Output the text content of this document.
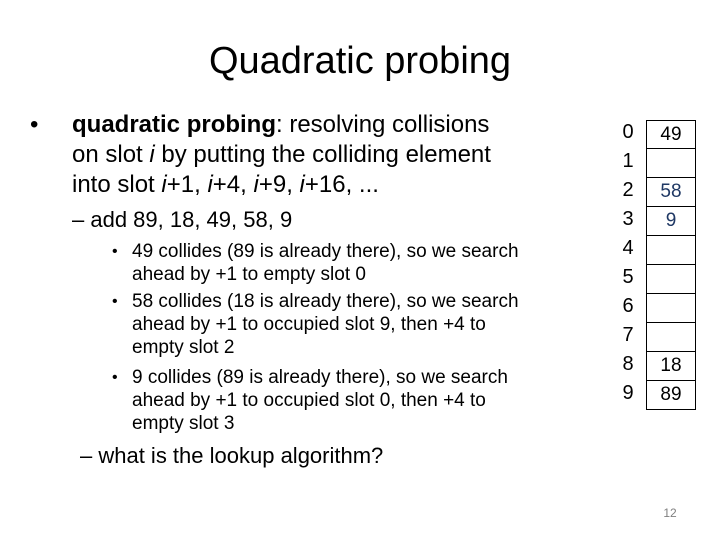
Quadratic probing
• quadratic probing: resolving collisions
on slot i by putting the colliding element
into slot i+1, i+4, i+9, i+16, ...
– add 89, 18, 49, 58, 9
• 49 collides (89 is already there), so we search
ahead by +1 to empty slot 0
• 58 collides (18 is already there), so we search
ahead by +1 to occupied slot 9, then +4 to
empty slot 2
• 9 collides (89 is already there), so we search
ahead by +1 to occupied slot 0, then +4 to
empty slot 3
– what is the lookup algorithm?
49
58
9
18
89
12
0
1
2
3
4
5
6
7
8
9
